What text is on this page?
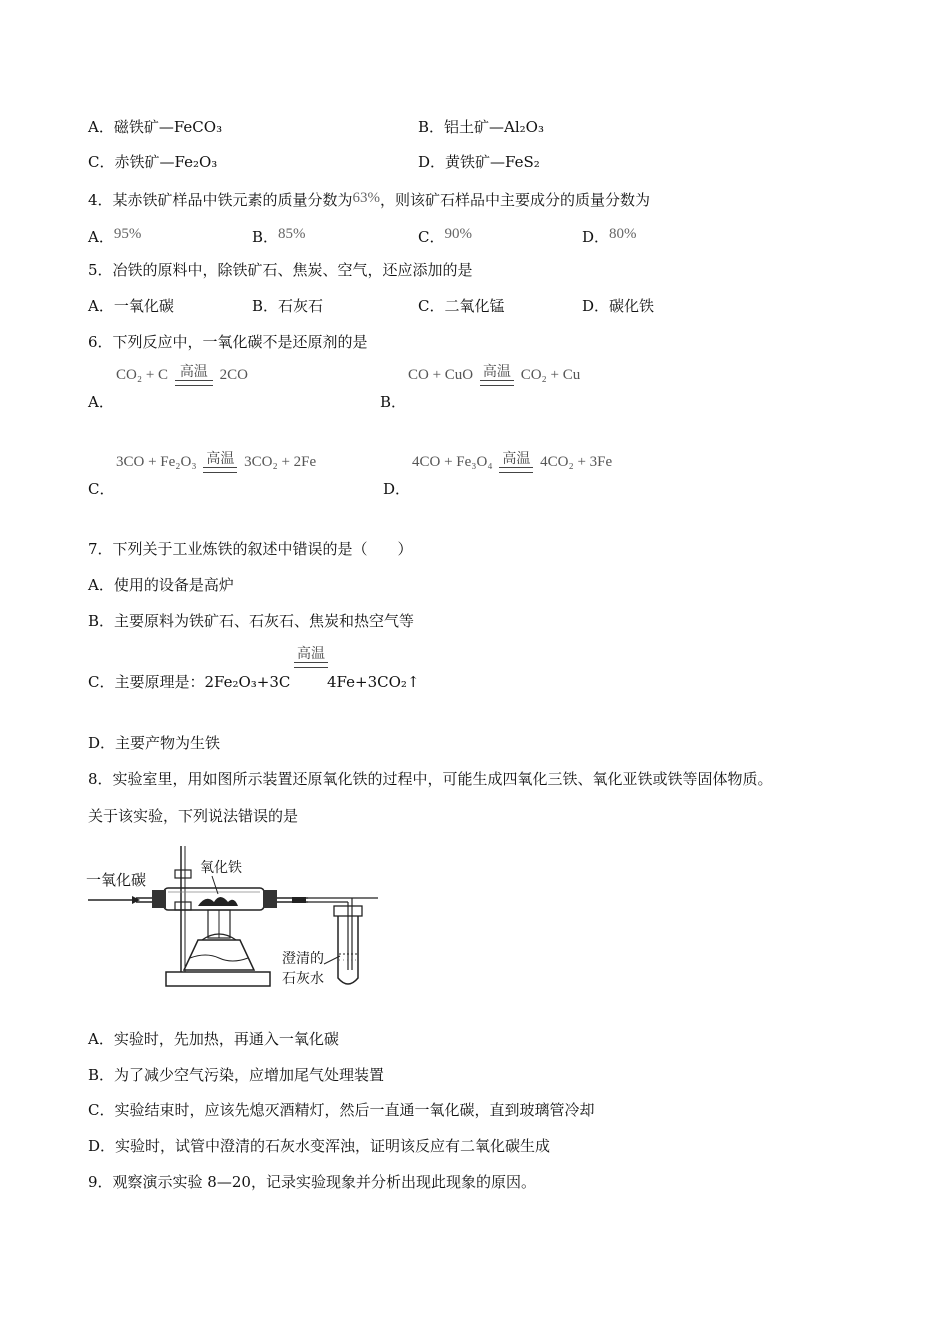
A．磁铁矿—FeCO₃	B．铝土矿—Al₂O₃
C．赤铁矿—Fe₂O₃	D．黄铁矿—FeS₂
4．某赤铁矿样品中铁元素的质量分数为63%，则该矿石样品中主要成分的质量分数为
A．95%	B．85%	C．90%	D．80%
5．冶铁的原料中，除铁矿石、焦炭、空气，还应添加的是
A．一氧化碳	B．石灰石	C．二氧化锰	D．碳化铁
6．下列反应中，一氧化碳不是还原剂的是
A．
CO₂ + C 高温 2CO
B．
CO + CuO 高温 CO₂ + Cu
C．
3CO + Fe₂O₃ 高温 3CO₂ + 2Fe
D．
4CO + Fe₃O₄ 高温 4CO₂ + 3Fe
7．下列关于工业炼铁的叙述中错误的是（　　）
A．使用的设备是高炉
B．主要原料为铁矿石、石灰石、焦炭和热空气等
C．主要原理是：2Fe₂O₃+3C
高温
4Fe+3CO₂↑
D．主要产物为生铁
8．实验室里，用如图所示装置还原氧化铁的过程中，可能生成四氧化三铁、氧化亚铁或铁等固体物质。
关于该实验，下列说法错误的是
一氧化碳
氧化铁
澄清的
石灰水
A．实验时，先加热，再通入一氧化碳
B．为了减少空气污染，应增加尾气处理装置
C．实验结束时，应该先熄灭酒精灯，然后一直通一氧化碳，直到玻璃管冷却
D．实验时，试管中澄清的石灰水变浑浊，证明该反应有二氧化碳生成
9．观察演示实验 8—20，记录实验现象并分析出现此现象的原因。
